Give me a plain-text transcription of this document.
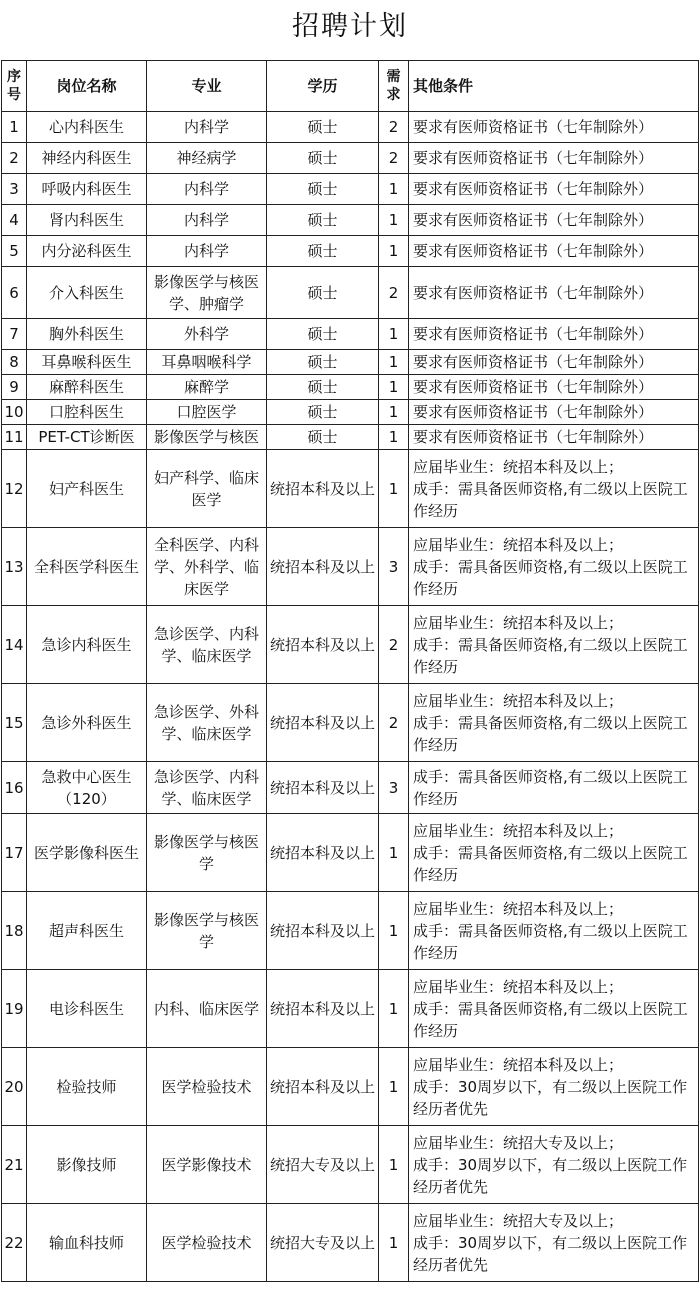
招聘计划
序号	岗位名称	专业	学历	需求	其他条件
1	心内科医生	内科学	硕士	2	要求有医师资格证书（七年制除外）
2	神经内科医生	神经病学	硕士	2	要求有医师资格证书（七年制除外）
3	呼吸内科医生	内科学	硕士	1	要求有医师资格证书（七年制除外）
4	肾内科医生	内科学	硕士	1	要求有医师资格证书（七年制除外）
5	内分泌科医生	内科学	硕士	1	要求有医师资格证书（七年制除外）
6	介入科医生	影像医学与核医学、肿瘤学	硕士	2	要求有医师资格证书（七年制除外）
7	胸外科医生	外科学	硕士	1	要求有医师资格证书（七年制除外）
8	耳鼻喉科医生	耳鼻咽喉科学	硕士	1	要求有医师资格证书（七年制除外）
9	麻醉科医生	麻醉学	硕士	1	要求有医师资格证书（七年制除外）
10	口腔科医生	口腔医学	硕士	1	要求有医师资格证书（七年制除外）
11	PET-CT诊断医	影像医学与核医	硕士	1	要求有医师资格证书（七年制除外）
12	妇产科医生	妇产科学、临床医学	统招本科及以上	1	应届毕业生：统招本科及以上；
成手：需具备医师资格,有二级以上医院工作经历
13	全科医学科医生	全科医学、内科学、外科学、临床医学	统招本科及以上	3	应届毕业生：统招本科及以上；
成手：需具备医师资格,有二级以上医院工作经历
14	急诊内科医生	急诊医学、内科学、临床医学	统招本科及以上	2	应届毕业生：统招本科及以上；
成手：需具备医师资格,有二级以上医院工作经历
15	急诊外科医生	急诊医学、外科学、临床医学	统招本科及以上	2	应届毕业生：统招本科及以上；
成手：需具备医师资格,有二级以上医院工作经历
16	急救中心医生（120）	急诊医学、内科学、临床医学	统招本科及以上	3	成手：需具备医师资格,有二级以上医院工作经历
17	医学影像科医生	影像医学与核医学	统招本科及以上	1	应届毕业生：统招本科及以上；
成手：需具备医师资格,有二级以上医院工作经历
18	超声科医生	影像医学与核医学	统招本科及以上	1	应届毕业生：统招本科及以上；
成手：需具备医师资格,有二级以上医院工作经历
19	电诊科医生	内科、临床医学	统招本科及以上	1	应届毕业生：统招本科及以上；
成手：需具备医师资格,有二级以上医院工作经历
20	检验技师	医学检验技术	统招本科及以上	1	应届毕业生：统招本科及以上；
成手：30周岁以下，有二级以上医院工作经历者优先
21	影像技师	医学影像技术	统招大专及以上	1	应届毕业生：统招大专及以上；
成手：30周岁以下，有二级以上医院工作经历者优先
22	输血科技师	医学检验技术	统招大专及以上	1	应届毕业生：统招大专及以上；
成手：30周岁以下，有二级以上医院工作经历者优先
